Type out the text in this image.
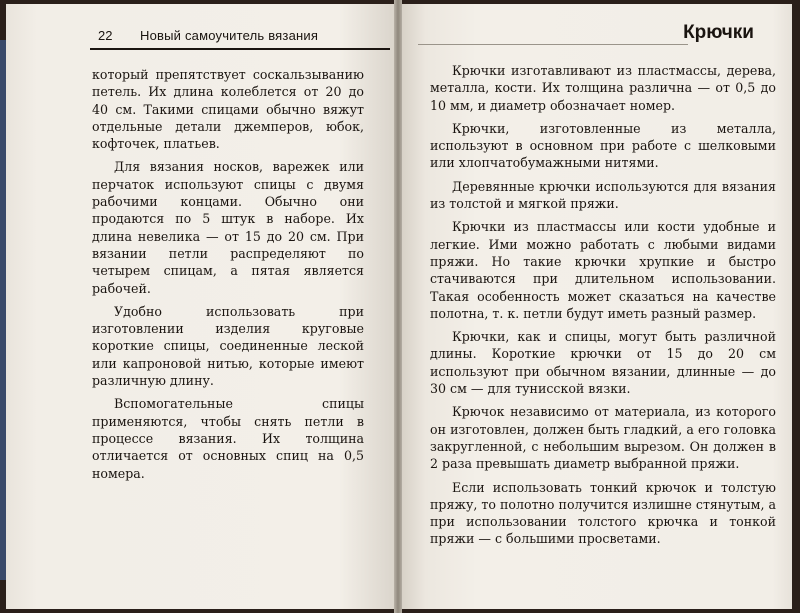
22 Новый самоучитель вязания	Крючки

который препятствует соскальзыванию петель. Их длина колеблется от 20 до 40 см. Такими спицами обычно вяжут отдельные детали джемперов, юбок, кофточек, платьев.

Для вязания носков, варежек или перчаток используют спицы с двумя рабочими концами. Обычно они продаются по 5 штук в наборе. Их длина невелика — от 15 до 20 см. При вязании петли распределяют по четырем спицам, а пятая является рабочей.

Удобно использовать при изготовлении изделия круговые короткие спицы, соединенные леской или капроновой нитью, которые имеют различную длину.

Вспомогательные спицы применяются, чтобы снять петли в процессе вязания. Их толщина отличается от основных спиц на 0,5 номера.

Крючки изготавливают из пластмассы, дерева, металла, кости. Их толщина различна — от 0,5 до 10 мм, и диаметр обозначает номер.

Крючки, изготовленные из металла, используют в основном при работе с шелковыми или хлопчатобумажными нитями.

Деревянные крючки используются для вязания из толстой и мягкой пряжи.

Крючки из пластмассы или кости удобные и легкие. Ими можно работать с любыми видами пряжи. Но такие крючки хрупкие и быстро стачиваются при длительном использовании. Такая особенность может сказаться на качестве полотна, т. к. петли будут иметь разный размер.

Крючки, как и спицы, могут быть различной длины. Короткие крючки от 15 до 20 см используют при обычном вязании, длинные — до 30 см — для тунисской вязки.

Крючок независимо от материала, из которого он изготовлен, должен быть гладкий, а его головка закругленной, с небольшим вырезом. Он должен в 2 раза превышать диаметр выбранной пряжи.

Если использовать тонкий крючок и толстую пряжу, то полотно получится излишне стянутым, а при использовании толстого крючка и тонкой пряжи — с большими просветами.
